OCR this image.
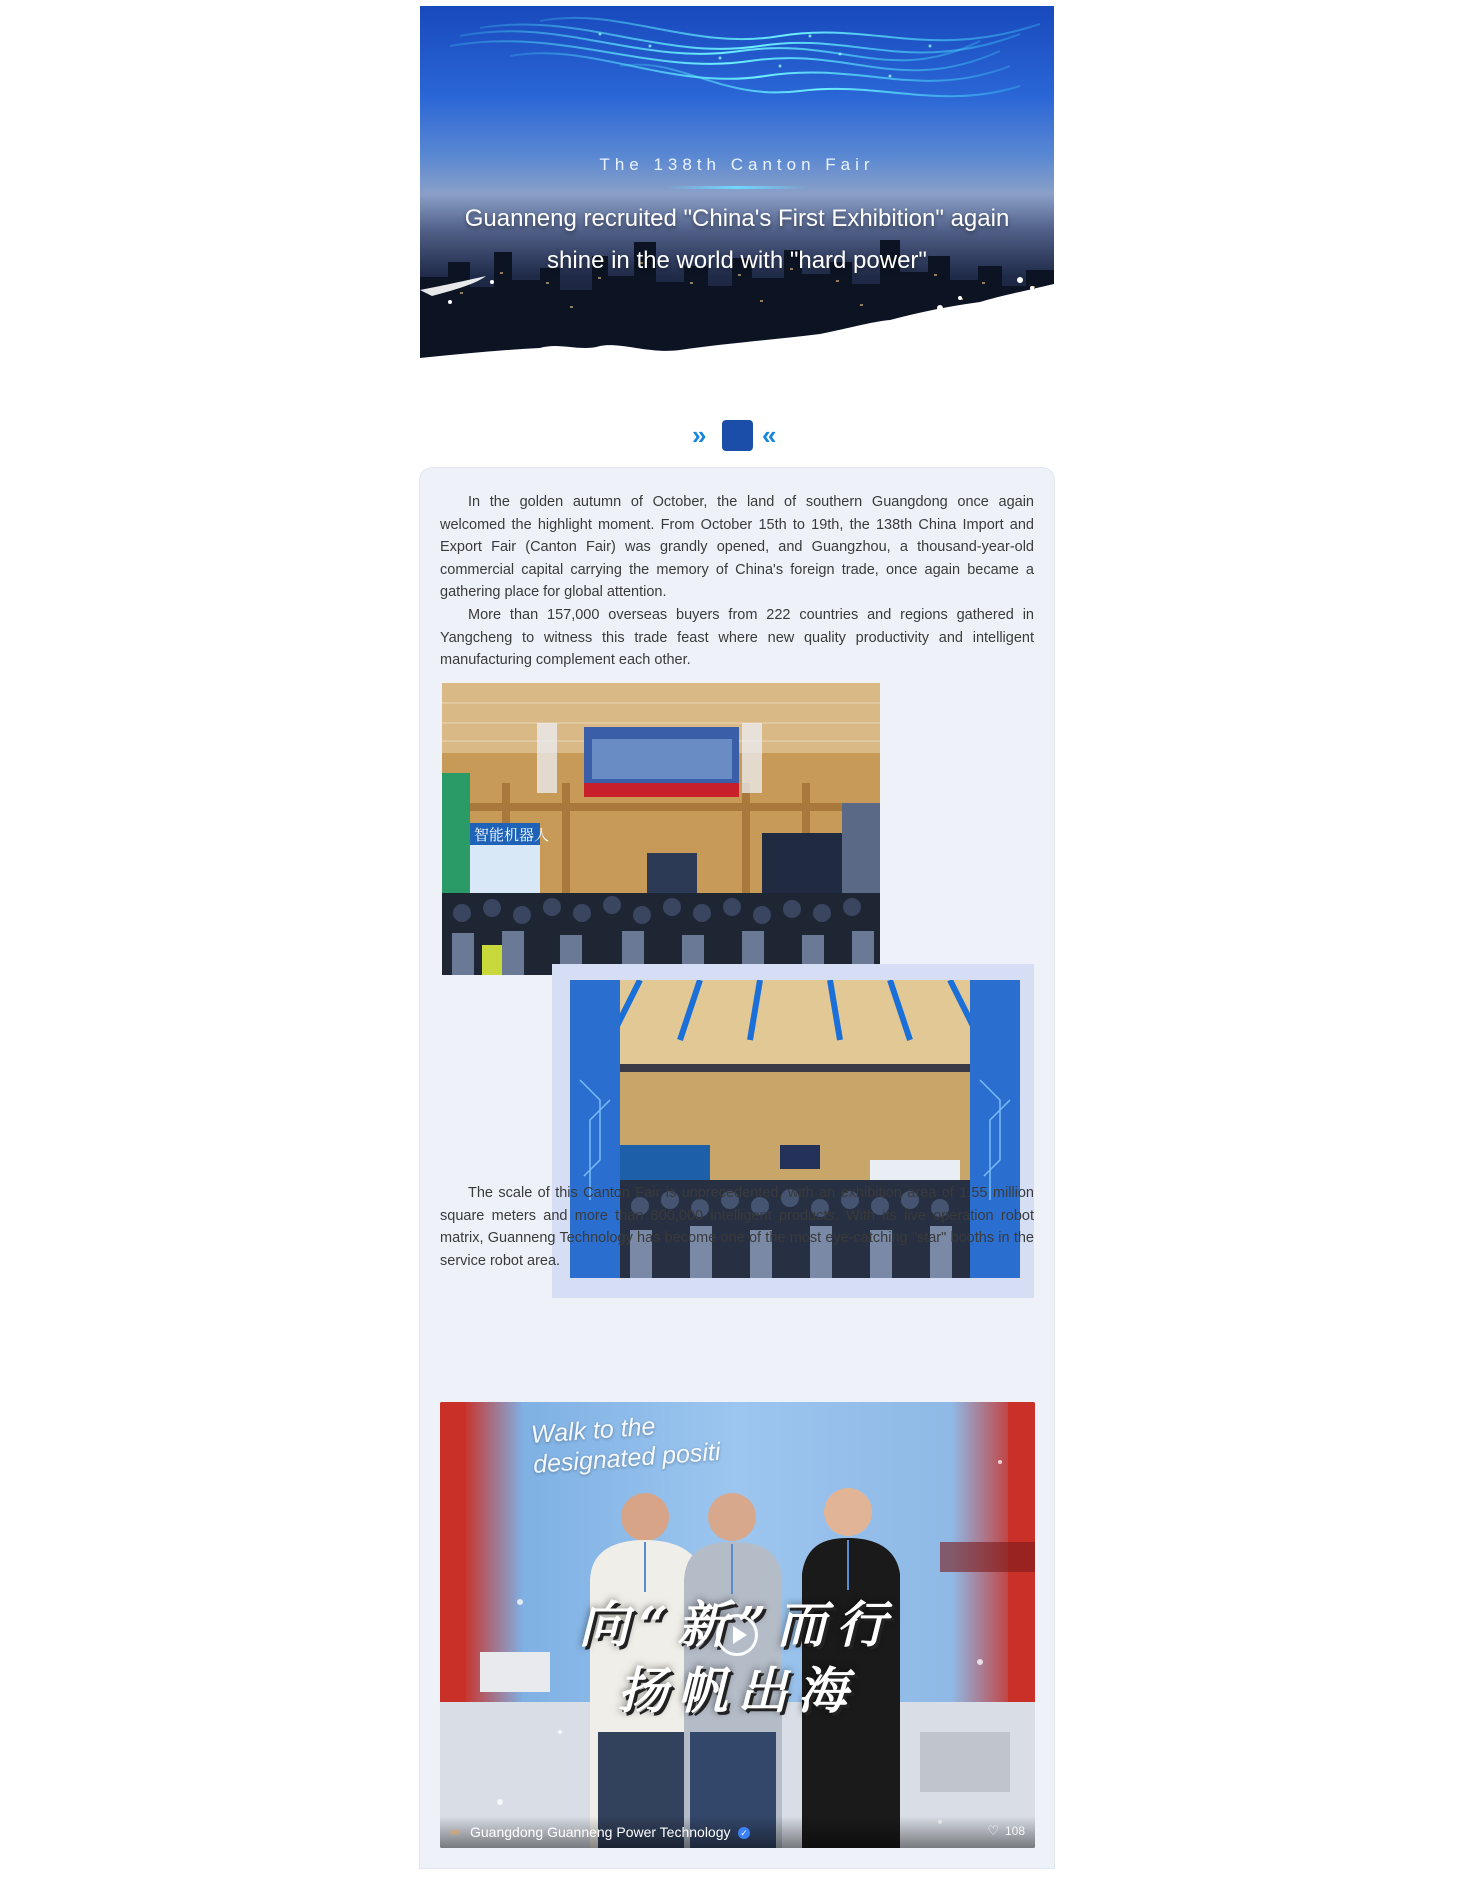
The 138th Canton Fair
Guanneng recruited "China's First Exhibition" again shine in the world with "hard power"
» «

In the golden autumn of October, the land of southern Guangdong once again welcomed the highlight moment. From October 15th to 19th, the 138th China Import and Export Fair (Canton Fair) was grandly opened, and Guangzhou, a thousand-year-old commercial capital carrying the memory of China's foreign trade, once again became a gathering place for global attention.

More than 157,000 overseas buyers from 222 countries and regions gathered in Yangcheng to witness this trade feast where new quality productivity and intelligent manufacturing complement each other.

智能机器人

The scale of this Canton Fair is unprecedented, with an exhibition area of 1.55 million square meters and more than 800,000 intelligent products. With its live operation robot matrix, Guanneng Technology has become one of the most eye-catching "star" booths in the service robot area.

Walk to the designated positi
向“新”而行
扬帆出海
∞ Guangdong Guanneng Power Technology ✓	♡ 108
